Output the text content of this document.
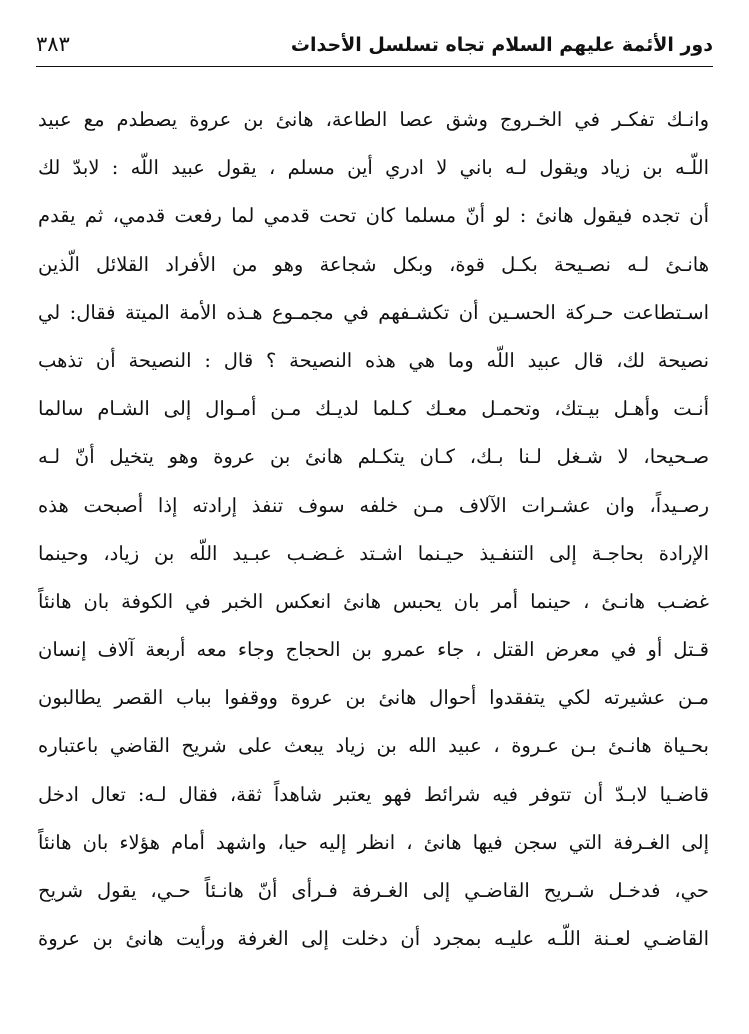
دور الأئمة عليهم السلام تجاه تسلسل الأحداث
٣٨٣
وانـك تفكـر في الخـروج وشق عصا الطاعة، هانئ بن عروة يصطدم مع عبيد
اللّـه بن زياد ويقول لـه باني لا ادري أين مسلم ، يقول عبيد اللّه : لابدّ لك
أن تجده فيقول هانئ : لو أنّ مسلما كان تحت قدمي لما رفعت قدمي، ثم يقدم
هانـئ لـه نصـيحة بكـل قوة، وبكل شجاعة وهو من الأفراد القلائل الّذين
اسـتطاعت حـركة الحسـين أن تكشـفهم في مجمـوع هـذه الأمة الميتة فقال: لي
نصيحة لك، قال عبيد اللّه وما هي هذه النصيحة ؟ قال : النصيحة أن تذهب
أنـت وأهـل بيـتك، وتحمـل معـك كـلما لديـك مـن أمـوال إلى الشـام سالما
صـحيحا، لا شـغل لـنا بـك، كـان يتكـلم هانئ بن عروة وهو يتخيل أنّ لـه
رصـيداً، وان عشـرات الآلاف مـن خلفه سوف تنفذ إرادته إذا أصبحت هذه
الإرادة بحاجـة إلى التنفـيذ حيـنما اشـتد غـضـب عبـيد اللّه بن زياد، وحينما
غضـب هانـئ ، حينما أمر بان يحبس هانئ انعكس الخبر في الكوفة بان هانئاً
قـتل أو في معرض القتل ، جاء عمرو بن الحجاج وجاء معه أربعة آلاف إنسان
مـن عشيرته لكي يتفقدوا أحوال هانئ بن عروة ووقفوا بباب القصر يطالبون
بحـياة هانـئ بـن عـروة ، عبيد الله بن زياد يبعث على شريح القاضي باعتباره
قاضـيا لابـدّ أن تتوفر فيه شرائط فهو يعتبر شاهداً ثقة، فقال لـه: تعال ادخل
إلى الغـرفة التي سجن فيها هانئ ، انظر إليه حيا، واشهد أمام هؤلاء بان هانئاً
حي، فدخـل شـريح القاضـي إلى الغـرفة فـرأى أنّ هانـئاً حـي، يقول شريح
القاضـي لعـنة اللّـه عليـه بمجرد أن دخلت إلى الغرفة ورأيت هانئ بن عروة
